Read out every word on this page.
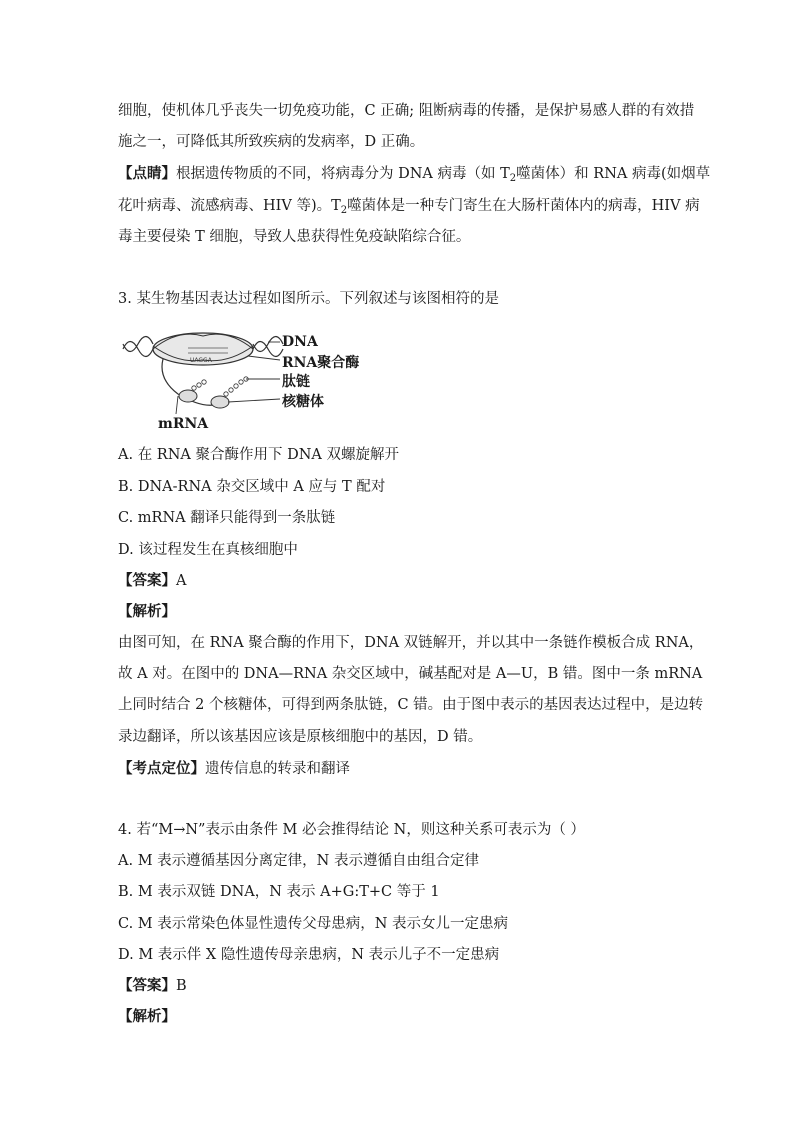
细胞，使机体几乎丧失一切免疫功能，C 正确; 阻断病毒的传播，是保护易感人群的有效措
施之一，可降低其所致疾病的发病率，D 正确。
【点睛】根据遗传物质的不同，将病毒分为 DNA 病毒（如 $T_2$噬菌体）和 RNA 病毒(如烟草
花叶病毒、流感病毒、HIV 等)。$T_2$噬菌体是一种专门寄生在大肠杆菌体内的病毒，HIV 病
毒主要侵染 T 细胞，导致人患获得性免疫缺陷综合征。
3. 某生物基因表达过程如图所示。下列叙述与该图相符的是
UAGGA
DNA
RNA聚合酶
肽链
核糖体
mRNA
A. 在 RNA 聚合酶作用下 DNA 双螺旋解开
B. DNA-RNA 杂交区域中 A 应与 T 配对
C. mRNA 翻译只能得到一条肽链
D. 该过程发生在真核细胞中
【答案】A
【解析】
由图可知，在 RNA 聚合酶的作用下，DNA 双链解开，并以其中一条链作模板合成 RNA，
故 A 对。在图中的 DNA—RNA 杂交区域中，碱基配对是 A—U，B 错。图中一条 mRNA
上同时结合 2 个核糖体，可得到两条肽链，C 错。由于图中表示的基因表达过程中，是边转
录边翻译，所以该基因应该是原核细胞中的基因，D 错。
【考点定位】遗传信息的转录和翻译
4. 若“M→N”表示由条件 M 必会推得结论 N，则这种关系可表示为（ ）
A. M 表示遵循基因分离定律，N 表示遵循自由组合定律
B. M 表示双链 DNA，N 表示 A+G:T+C 等于 1
C. M 表示常染色体显性遗传父母患病，N 表示女儿一定患病
D. M 表示伴 X 隐性遗传母亲患病，N 表示儿子不一定患病
【答案】B
【解析】
